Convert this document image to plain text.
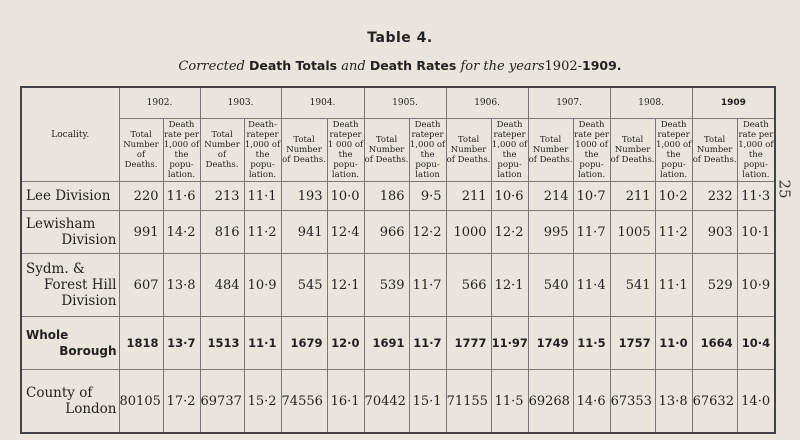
Table 4.
Corrected Death Totals and Death Rates for the years1902-1909.
25
Locality.	1902.		1903.		1904.		1905.		1906.		1907.		1908.		1909	
	Total Number of Deaths.	Death rate per 1,000 of the popu- lation.	Total Number of Deaths.	Death- rateper 1,000 of the popu- lation.	Total Number of Deaths.	Death rateper 1 000 of the popu- lation.	Total Number of Deaths.	Death rateper 1,000 of the popu- lation	Total Number of Deaths.	Death rateper 1,000 of the popu- lation	Total Number of Deaths.	Death rate per 1000 of the popu- lation.	Total Number of Deaths.	Death rateper 1,000 of the popu- lation.	Total Number of Deaths.	Death rate per 1,000 of the popu- lation.

Lee Division	220	11·6	213	11·1	193	10·0	186	9·5	211	10·6	214	10·7	211	10·2	232	11·3

Lewisham
Division	991	14·2	816	11·2	941	12·4	966	12·2	1000	12·2	995	11·7	1005	11·2	903	10·1

Sydm. &
Forest Hill
Division	607	13·8	484	10·9	545	12·1	539	11·7	566	12·1	540	11·4	541	11·1	529	10·9

Whole
Borough	1818	13·7	1513	11·1	1679	12·0	1691	11·7	1777	11·97	1749	11·5	1757	11·0	1664	10·4

County of
London	80105	17·2	69737	15·2	74556	16·1	70442	15·1	71155	11·5	69268	14·6	67353	13·8	67632	14·0
